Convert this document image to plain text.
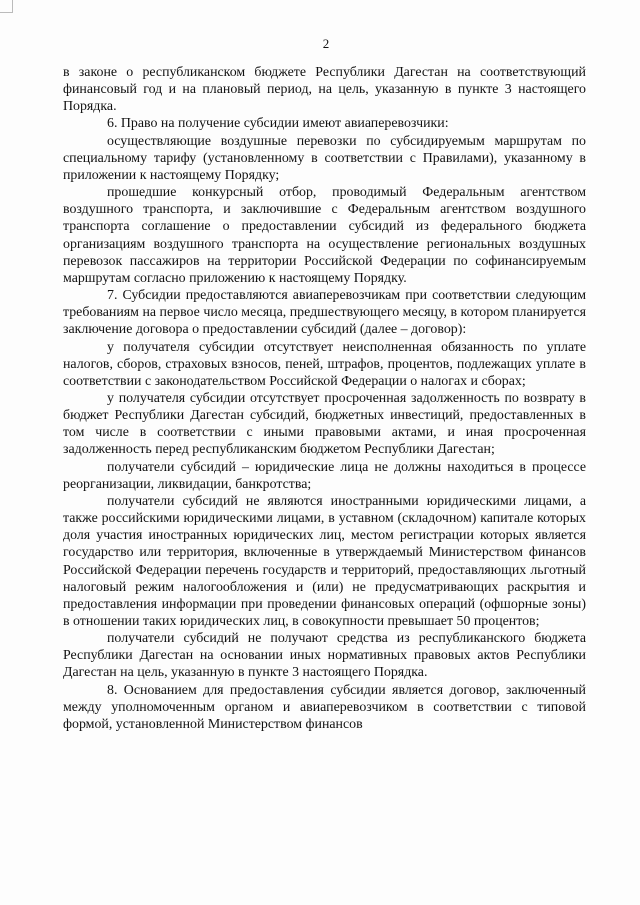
2

в законе о республиканском бюджете Республики Дагестан на соответствующий финансовый год и на плановый период, на цель, указанную в пункте 3 настоящего Порядка.

6. Право на получение субсидии имеют авиаперевозчики:

осуществляющие воздушные перевозки по субсидируемым маршрутам по специальному тарифу (установленному в соответствии с Правилами), указанному в приложении к настоящему Порядку;

прошедшие конкурсный отбор, проводимый Федеральным агентством воздушного транспорта, и заключившие с Федеральным агентством воздушного транспорта соглашение о предоставлении субсидий из федерального бюджета организациям воздушного транспорта на осуществление региональных воздушных перевозок пассажиров на территории Российской Федерации по софинансируемым маршрутам согласно приложению к настоящему Порядку.

7. Субсидии предоставляются авиаперевозчикам при соответствии следующим требованиям на первое число месяца, предшествующего месяцу, в котором планируется заключение договора о предоставлении субсидий (далее – договор):

у получателя субсидии отсутствует неисполненная обязанность по уплате налогов, сборов, страховых взносов, пеней, штрафов, процентов, подлежащих уплате в соответствии с законодательством Российской Федерации о налогах и сборах;

у получателя субсидии отсутствует просроченная задолженность по возврату в бюджет Республики Дагестан субсидий, бюджетных инвестиций, предоставленных в том числе в соответствии с иными правовыми актами, и иная просроченная задолженность перед республиканским бюджетом Республики Дагестан;

получатели субсидий – юридические лица не должны находиться в процессе реорганизации, ликвидации, банкротства;

получатели субсидий не являются иностранными юридическими лицами, а также российскими юридическими лицами, в уставном (складочном) капитале которых доля участия иностранных юридических лиц, местом регистрации которых является государство или территория, включенные в утверждаемый Министерством финансов Российской Федерации перечень государств и территорий, предоставляющих льготный налоговый режим налогообложения и (или) не предусматривающих раскрытия и предоставления информации при проведении финансовых операций (офшорные зоны) в отношении таких юридических лиц, в совокупности превышает 50 процентов;

получатели субсидий не получают средства из республиканского бюджета Республики Дагестан на основании иных нормативных правовых актов Республики Дагестан на цель, указанную в пункте 3 настоящего Порядка.

8. Основанием для предоставления субсидии является договор, заключенный между уполномоченным органом и авиаперевозчиком в соответствии с типовой формой, установленной Министерством финансов
